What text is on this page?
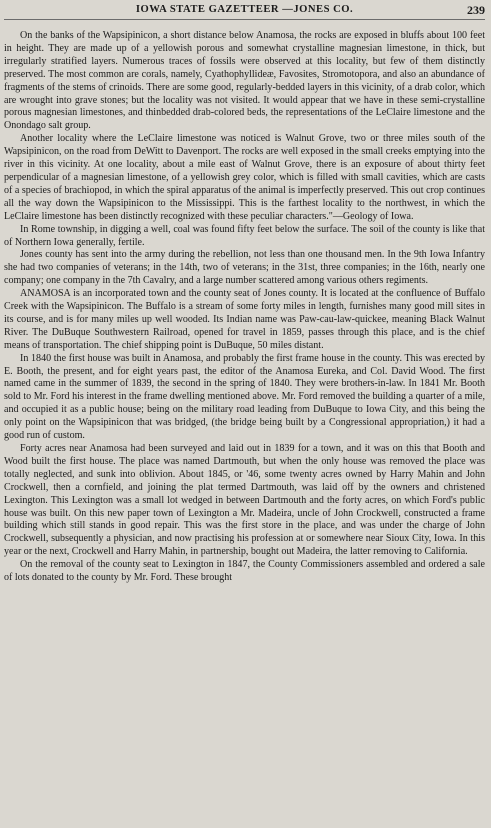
IOWA STATE GAZETTEER —JONES CO.	239

On the banks of the Wapsipinicon, a short distance below Anamosa, the rocks are exposed in bluffs about 100 feet in height. They are made up of a yellowish porous and somewhat crystalline magnesian limestone, in thick, but irregularly stratified layers. Numerous traces of fossils were observed at this locality, but few of them distinctly preserved. The most common are corals, namely, Cyathophyllideæ, Favosites, Stromotopora, and also an abundance of fragments of the stems of crinoids. There are some good, regularly-bedded layers in this vicinity, of a drab color, which are wrought into grave stones; but the locality was not visited. It would appear that we have in these semi-crystalline porous magnesian limestones, and thinbedded drab-colored beds, the representations of the LeClaire limestone and the Onondago salt group.

Another locality where the LeClaire limestone was noticed is Walnut Grove, two or three miles south of the Wapsipinicon, on the road from DeWitt to Davenport. The rocks are well exposed in the small creeks emptying into the river in this vicinity. At one locality, about a mile east of Walnut Grove, there is an exposure of about thirty feet perpendicular of a magnesian limestone, of a yellowish grey color, which is filled with small cavities, which are casts of a species of brachiopod, in which the spiral apparatus of the animal is imperfectly preserved. This out crop continues all the way down the Wapsipinicon to the Mississippi. This is the farthest locality to the northwest, in which the LeClaire limestone has been distinctly recognized with these peculiar characters."—Geology of Iowa.

In Rome township, in digging a well, coal was found fifty feet below the surface. The soil of the county is like that of Northern Iowa generally, fertile.

Jones county has sent into the army during the rebellion, not less than one thousand men. In the 9th Iowa Infantry she had two companies of veterans; in the 14th, two of veterans; in the 31st, three companies; in the 16th, nearly one company; one company in the 7th Cavalry, and a large number scattered among various others regiments.

ANAMOSA is an incorporated town and the county seat of Jones county. It is located at the confluence of Buffalo Creek with the Wapsipinicon. The Buffalo is a stream of some forty miles in length, furnishes many good mill sites in its course, and is for many miles up well wooded. Its Indian name was Paw-cau-law-quickee, meaning Black Walnut River. The DuBuque Southwestern Railroad, opened for travel in 1859, passes through this place, and is the chief means of transportation. The chief shipping point is DuBuque, 50 miles distant.

In 1840 the first house was built in Anamosa, and probably the first frame house in the county. This was erected by E. Booth, the present, and for eight years past, the editor of the Anamosa Eureka, and Col. David Wood. The first named came in the summer of 1839, the second in the spring of 1840. They were brothers-in-law. In 1841 Mr. Booth sold to Mr. Ford his interest in the frame dwelling mentioned above. Mr. Ford removed the building a quarter of a mile, and occupied it as a public house; being on the military road leading from DuBuque to Iowa City, and this being the only point on the Wapsipinicon that was bridged, (the bridge being built by a Congressional appropriation,) it had a good run of custom.

Forty acres near Anamosa had been surveyed and laid out in 1839 for a town, and it was on this that Booth and Wood built the first house. The place was named Dartmouth, but when the only house was removed the place was totally neglected, and sunk into oblivion. About 1845, or '46, some twenty acres owned by Harry Mahin and John Crockwell, then a cornfield, and joining the plat termed Dartmouth, was laid off by the owners and christened Lexington. This Lexington was a small lot wedged in between Dartmouth and the forty acres, on which Ford's public house was built. On this new paper town of Lexington a Mr. Madeira, uncle of John Crockwell, constructed a frame building which still stands in good repair. This was the first store in the place, and was under the charge of John Crockwell, subsequently a physician, and now practising his profession at or somewhere near Sioux City, Iowa. In this year or the next, Crockwell and Harry Mahin, in partnership, bought out Madeira, the latter removing to California.

On the removal of the county seat to Lexington in 1847, the County Commissioners assembled and ordered a sale of lots donated to the county by Mr. Ford. These brought
